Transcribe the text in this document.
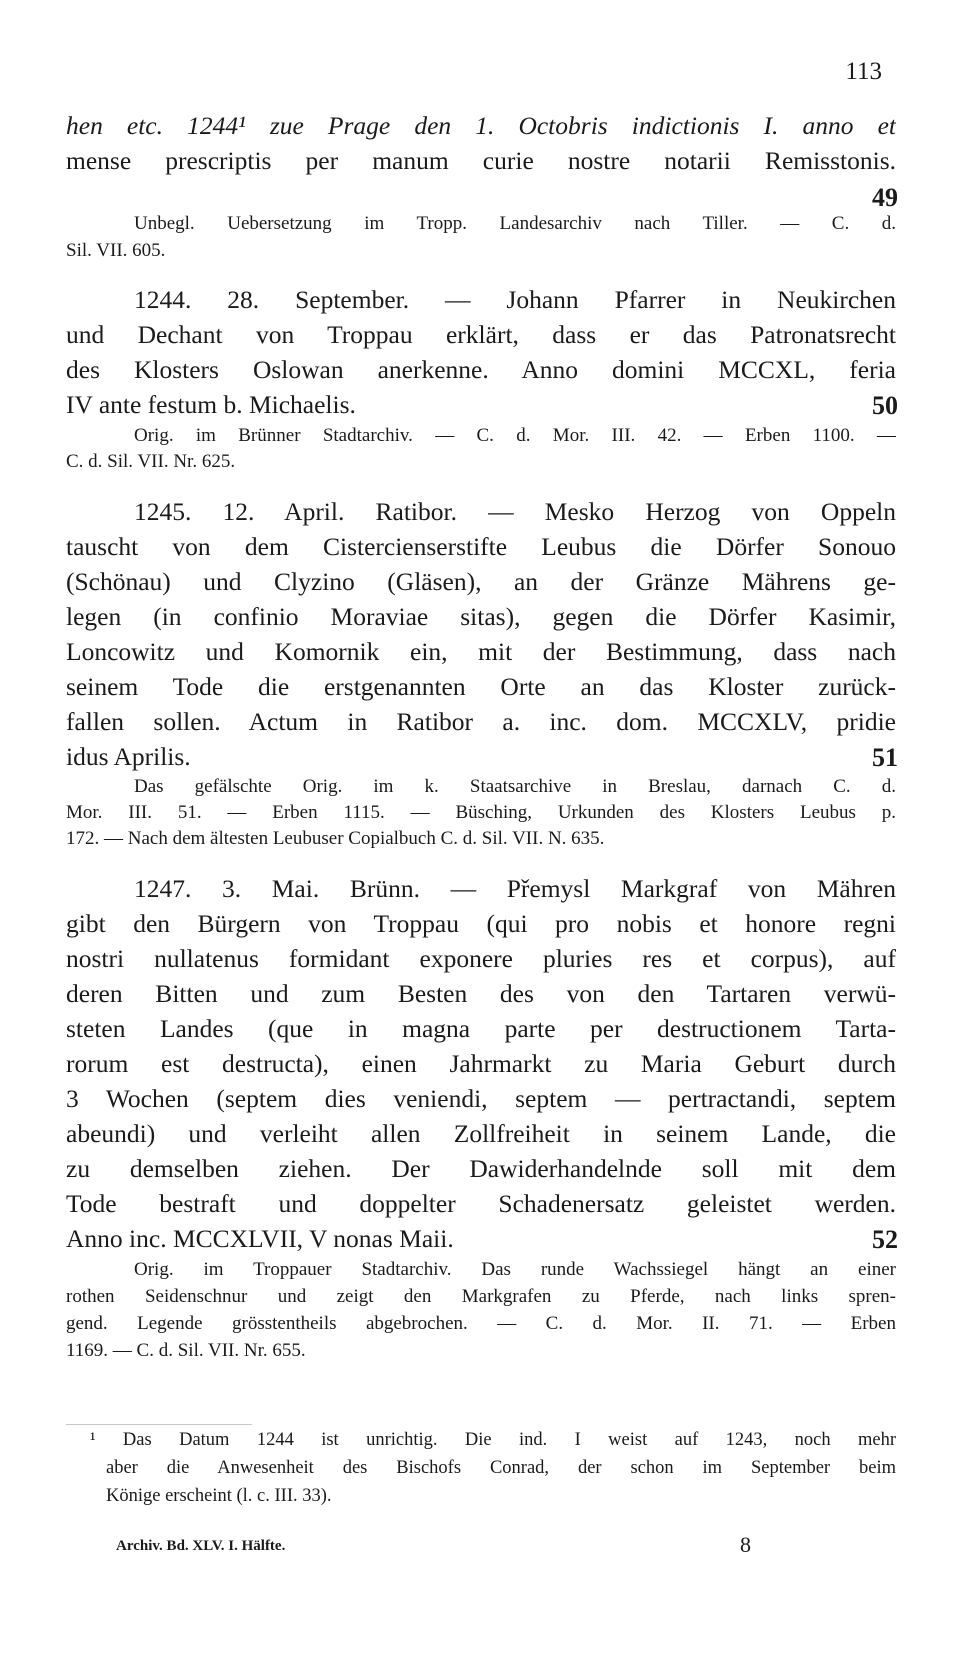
113
hen etc. 1244¹ zue Prage den 1. Octobris indictionis I. anno et
mense prescriptis per manum curie nostre notarii Remisstonis.
49
Unbegl. Uebersetzung im Tropp. Landesarchiv nach Tiller. — C. d.
Sil. VII. 605.
1244. 28. September. — Johann Pfarrer in Neukirchen
und Dechant von Troppau erklärt, dass er das Patronatsrecht
des Klosters Oslowan anerkenne. Anno domini MCCXL, feria
IV ante festum b. Michaelis.	50
Orig. im Brünner Stadtarchiv. — C. d. Mor. III. 42. — Erben 1100. —
C. d. Sil. VII. Nr. 625.
1245. 12. April. Ratibor. — Mesko Herzog von Oppeln
tauscht von dem Cistercienserstifte Leubus die Dörfer Sonouo
(Schönau) und Clyzino (Gläsen), an der Gränze Mährens ge-
legen (in confinio Moraviae sitas), gegen die Dörfer Kasimir,
Loncowitz und Komornik ein, mit der Bestimmung, dass nach
seinem Tode die erstgenannten Orte an das Kloster zurück-
fallen sollen. Actum in Ratibor a. inc. dom. MCCXLV, pridie
idus Aprilis.	51
Das gefälschte Orig. im k. Staatsarchive in Breslau, darnach C. d.
Mor. III. 51. — Erben 1115. — Büsching, Urkunden des Klosters Leubus p.
172. — Nach dem ältesten Leubuser Copialbuch C. d. Sil. VII. N. 635.
1247. 3. Mai. Brünn. — Přemysl Markgraf von Mähren
gibt den Bürgern von Troppau (qui pro nobis et honore regni
nostri nullatenus formidant exponere pluries res et corpus), auf
deren Bitten und zum Besten des von den Tartaren verwü-
steten Landes (que in magna parte per destructionem Tarta-
rorum est destructa), einen Jahrmarkt zu Maria Geburt durch
3 Wochen (septem dies veniendi, septem — pertractandi, septem
abeundi) und verleiht allen Zollfreiheit in seinem Lande, die
zu demselben ziehen. Der Dawiderhandelnde soll mit dem
Tode bestraft und doppelter Schadenersatz geleistet werden.
Anno inc. MCCXLVII, V nonas Maii.	52
Orig. im Troppauer Stadtarchiv. Das runde Wachssiegel hängt an einer
rothen Seidenschnur und zeigt den Markgrafen zu Pferde, nach links spren-
gend. Legende grösstentheils abgebrochen. — C. d. Mor. II. 71. — Erben
1169. — C. d. Sil. VII. Nr. 655.
¹ Das Datum 1244 ist unrichtig. Die ind. I weist auf 1243, noch mehr
aber die Anwesenheit des Bischofs Conrad, der schon im September beim
Könige erscheint (l. c. III. 33).
Archiv. Bd. XLV. I. Hälfte.	8
